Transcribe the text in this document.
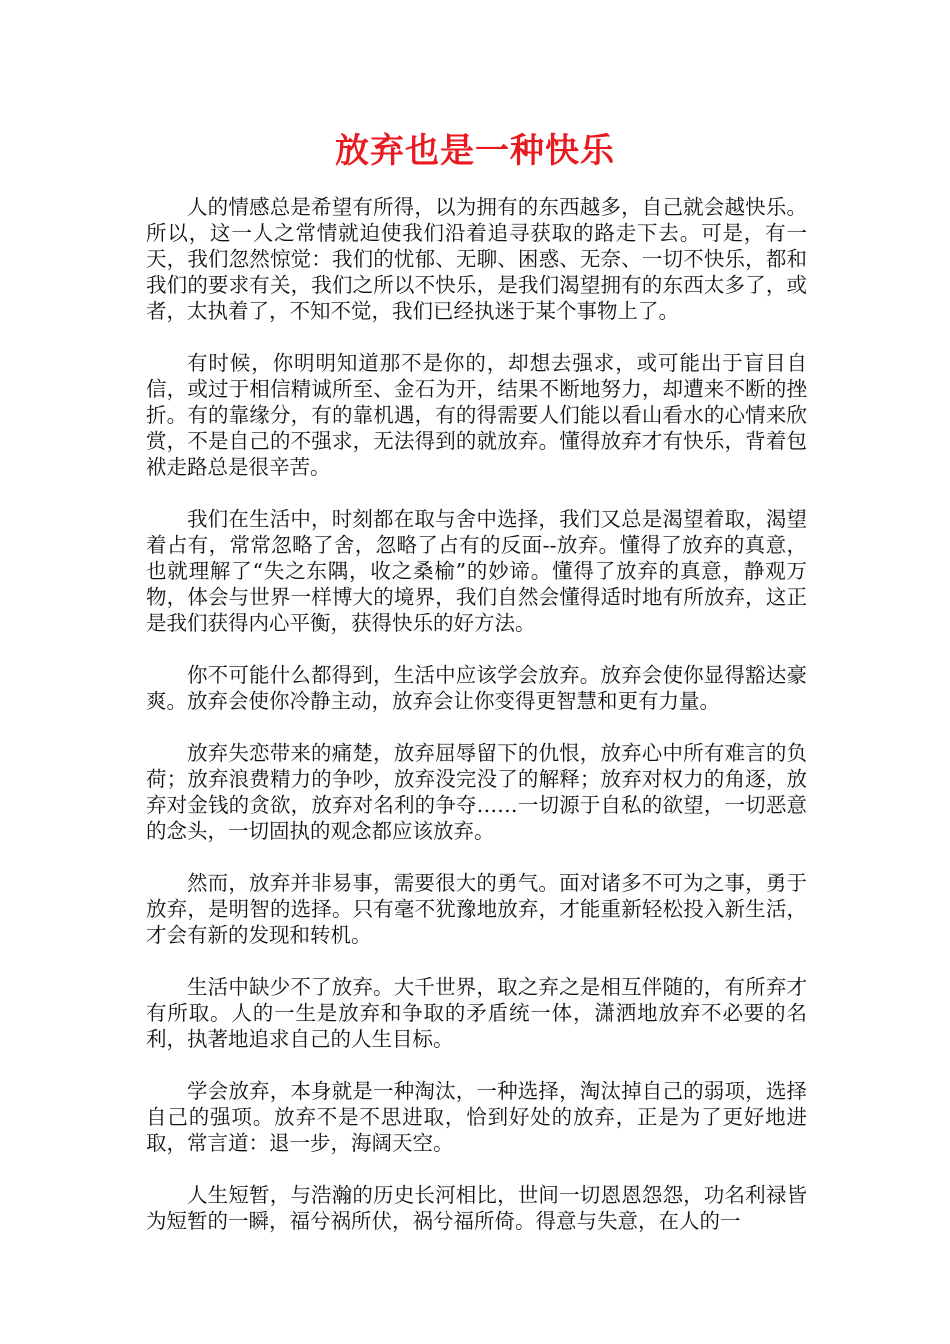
放弃也是一种快乐

人的情感总是希望有所得，以为拥有的东西越多，自己就会越快乐。所以，这一人之常情就迫使我们沿着追寻获取的路走下去。可是，有一天，我们忽然惊觉：我们的忧郁、无聊、困惑、无奈、一切不快乐，都和我们的要求有关，我们之所以不快乐，是我们渴望拥有的东西太多了，或者，太执着了，不知不觉，我们已经执迷于某个事物上了。

有时候，你明明知道那不是你的，却想去强求，或可能出于盲目自信，或过于相信精诚所至、金石为开，结果不断地努力，却遭来不断的挫折。有的靠缘分，有的靠机遇，有的得需要人们能以看山看水的心情来欣赏，不是自己的不强求，无法得到的就放弃。懂得放弃才有快乐，背着包袱走路总是很辛苦。

我们在生活中，时刻都在取与舍中选择，我们又总是渴望着取，渴望着占有，常常忽略了舍，忽略了占有的反面--放弃。懂得了放弃的真意，也就理解了“失之东隅，收之桑榆”的妙谛。懂得了放弃的真意，静观万物，体会与世界一样博大的境界，我们自然会懂得适时地有所放弃，这正是我们获得内心平衡，获得快乐的好方法。

你不可能什么都得到，生活中应该学会放弃。放弃会使你显得豁达豪爽。放弃会使你冷静主动，放弃会让你变得更智慧和更有力量。

放弃失恋带来的痛楚，放弃屈辱留下的仇恨，放弃心中所有难言的负荷；放弃浪费精力的争吵，放弃没完没了的解释；放弃对权力的角逐，放弃对金钱的贪欲，放弃对名利的争夺……一切源于自私的欲望，一切恶意的念头，一切固执的观念都应该放弃。

然而，放弃并非易事，需要很大的勇气。面对诸多不可为之事，勇于放弃，是明智的选择。只有毫不犹豫地放弃，才能重新轻松投入新生活，才会有新的发现和转机。

生活中缺少不了放弃。大千世界，取之弃之是相互伴随的，有所弃才有所取。人的一生是放弃和争取的矛盾统一体，潇洒地放弃不必要的名利，执著地追求自己的人生目标。

学会放弃，本身就是一种淘汰，一种选择，淘汰掉自己的弱项，选择自己的强项。放弃不是不思进取，恰到好处的放弃，正是为了更好地进取，常言道：退一步，海阔天空。

人生短暂，与浩瀚的历史长河相比，世间一切恩恩怨怨，功名利禄皆为短暂的一瞬，福兮祸所伏，祸兮福所倚。得意与失意，在人的一
